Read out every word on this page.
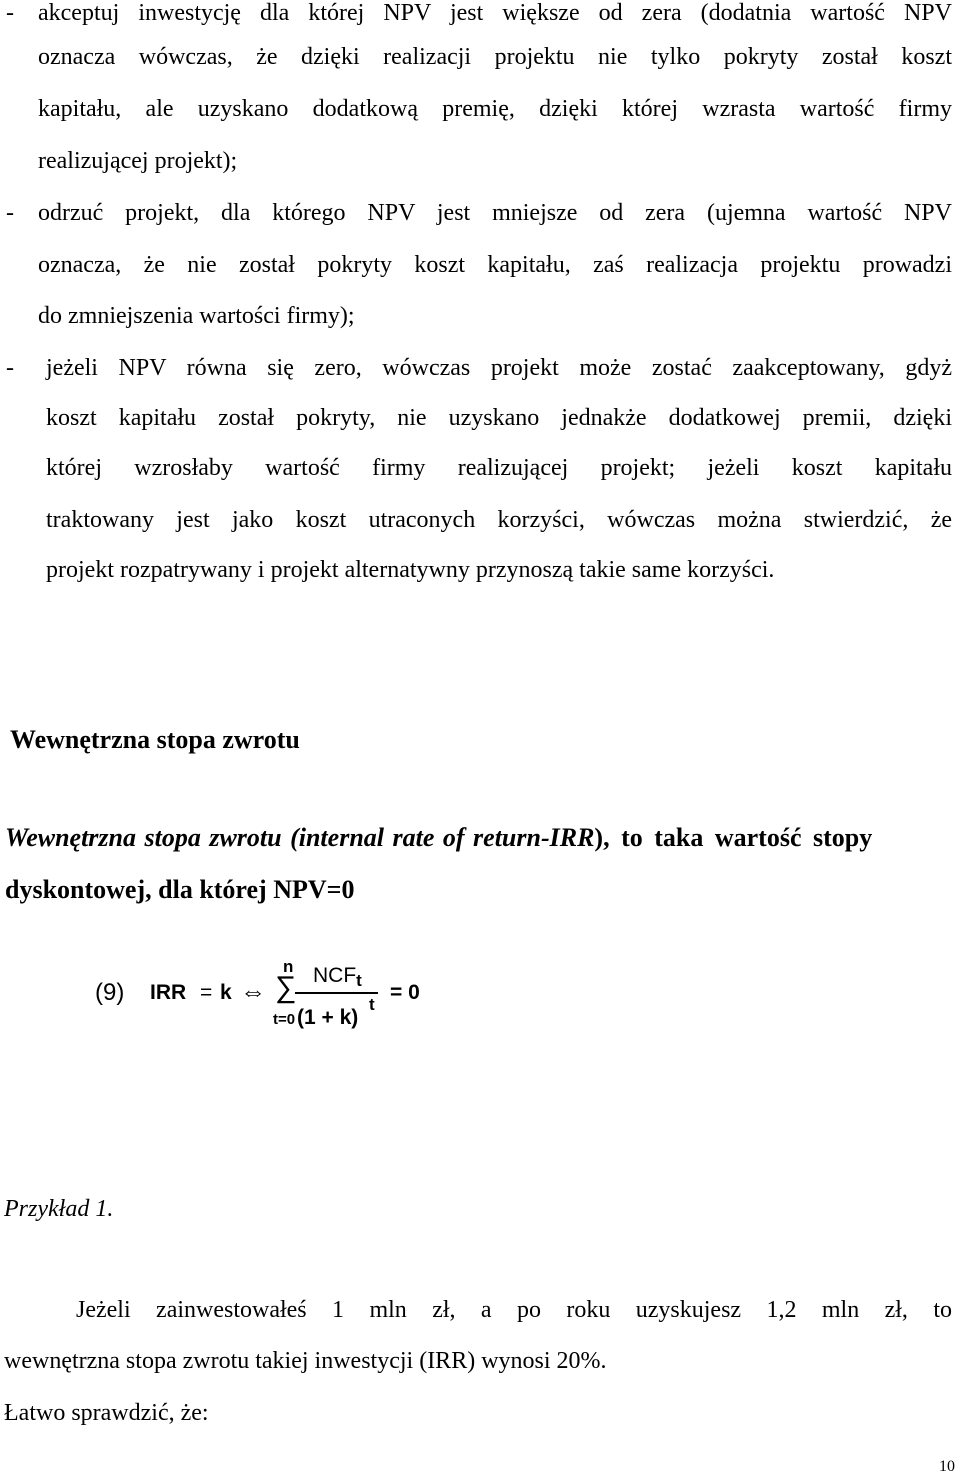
- akceptuj inwestycję dla której NPV jest większe od zera (dodatnia wartość NPV
oznacza wówczas, że dzięki realizacji projektu nie tylko pokryty został koszt
kapitału, ale uzyskano dodatkową premię, dzięki której wzrasta wartość firmy
realizującej projekt);
- odrzuć projekt, dla którego NPV jest mniejsze od zera (ujemna wartość NPV
oznacza, że nie został pokryty koszt kapitału, zaś realizacja projektu prowadzi
do zmniejszenia wartości firmy);
- jeżeli NPV równa się zero, wówczas projekt może zostać zaakceptowany, gdyż
koszt kapitału został pokryty, nie uzyskano jednakże dodatkowej premii, dzięki
której wzrosłaby wartość firmy realizującej projekt; jeżeli koszt kapitału
traktowany jest jako koszt utraconych korzyści, wówczas można stwierdzić, że
projekt rozpatrywany i projekt alternatywny przynoszą takie same korzyści.
Wewnętrzna stopa zwrotu
Wewnętrzna stopa zwrotu (internal rate of return-IRR ), to taka wartość stopy
dyskontowej, dla której NPV=0
(9) IRR = k ⇔
n
∑
t=0
$NCF_t$
(1 + k)
t
= 0
Przykład 1.
Jeżeli zainwestowałeś 1 mln zł, a po roku uzyskujesz 1,2 mln zł, to
wewnętrzna stopa zwrotu takiej inwestycji (IRR) wynosi 20%.
Łatwo sprawdzić, że:
10
